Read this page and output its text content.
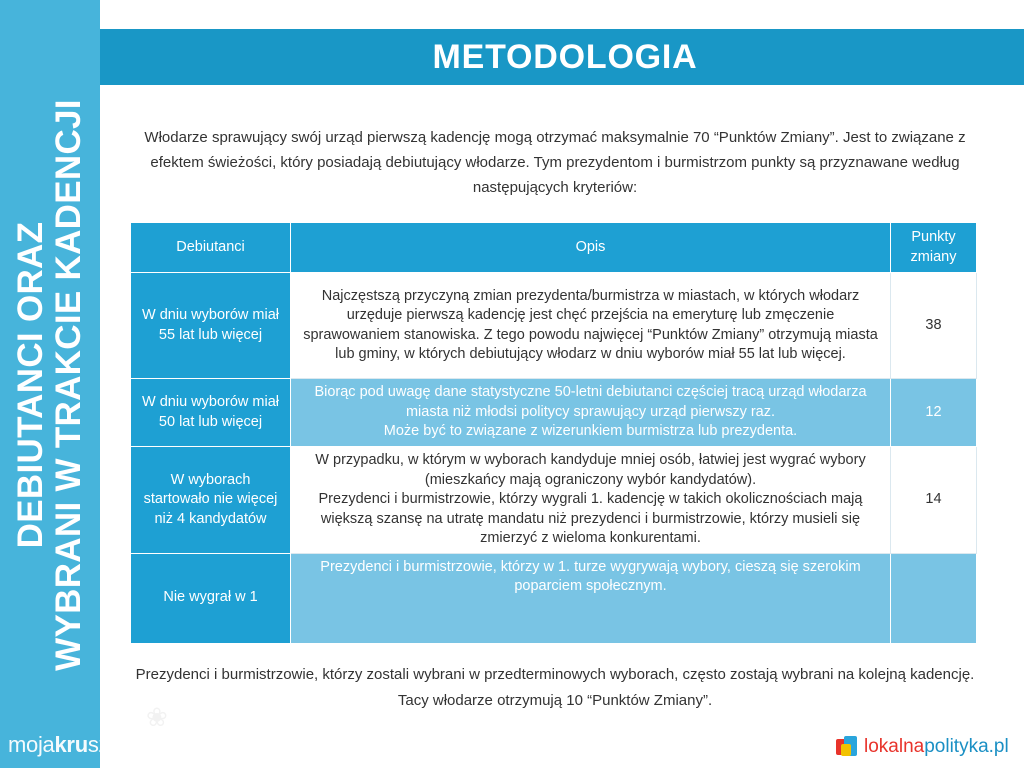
DEBIUTANCI ORAZ WYBRANI W TRAKCIE KADENCJI
❀
mojakruszwica.pl
METODOLOGIA

Włodarze sprawujący swój urząd pierwszą kadencję mogą otrzymać maksymalnie 70 “Punktów Zmiany”. Jest to związane z efektem świeżości, który posiadają debiutujący włodarze. Tym prezydentom i burmistrzom punkty są przyznawane według następujących kryteriów:

Debiutanci	Opis	Punkty zmiany
W dniu wyborów miał 55 lat lub więcej	Najczęstszą przyczyną zmian prezydenta/burmistrza w miastach, w których włodarz urzęduje pierwszą kadencję jest chęć przejścia na emeryturę lub zmęczenie sprawowaniem stanowiska. Z tego powodu najwięcej “Punktów Zmiany” otrzymują miasta lub gminy, w których debiutujący włodarz w dniu wyborów miał 55 lat lub więcej.	38
W dniu wyborów miał 50 lat lub więcej	Biorąc pod uwagę dane statystyczne 50-letni debiutanci częściej tracą urząd włodarza miasta niż młodsi politycy sprawujący urząd pierwszy raz.
Może być to związane z wizerunkiem burmistrza lub prezydenta.	12
W wyborach startowało nie więcej niż 4 kandydatów	W przypadku, w którym w wyborach kandyduje mniej osób, łatwiej jest wygrać wybory (mieszkańcy mają ograniczony wybór kandydatów).
Prezydenci i burmistrzowie, którzy wygrali 1. kadencję w takich okolicznościach mają większą szansę na utratę mandatu niż prezydenci i burmistrzowie, którzy musieli się zmierzyć z wieloma konkurentami.	14
Nie wygrał w 1	Prezydenci i burmistrzowie, którzy w 1. turze wygrywają wybory, cieszą się szerokim poparciem społecznym.	

Prezydenci i burmistrzowie, którzy zostali wybrani w przedterminowych wyborach, często zostają wybrani na kolejną kadencję. Tacy włodarze otrzymują 10 “Punktów Zmiany”.

lokalnapolityka.pl
